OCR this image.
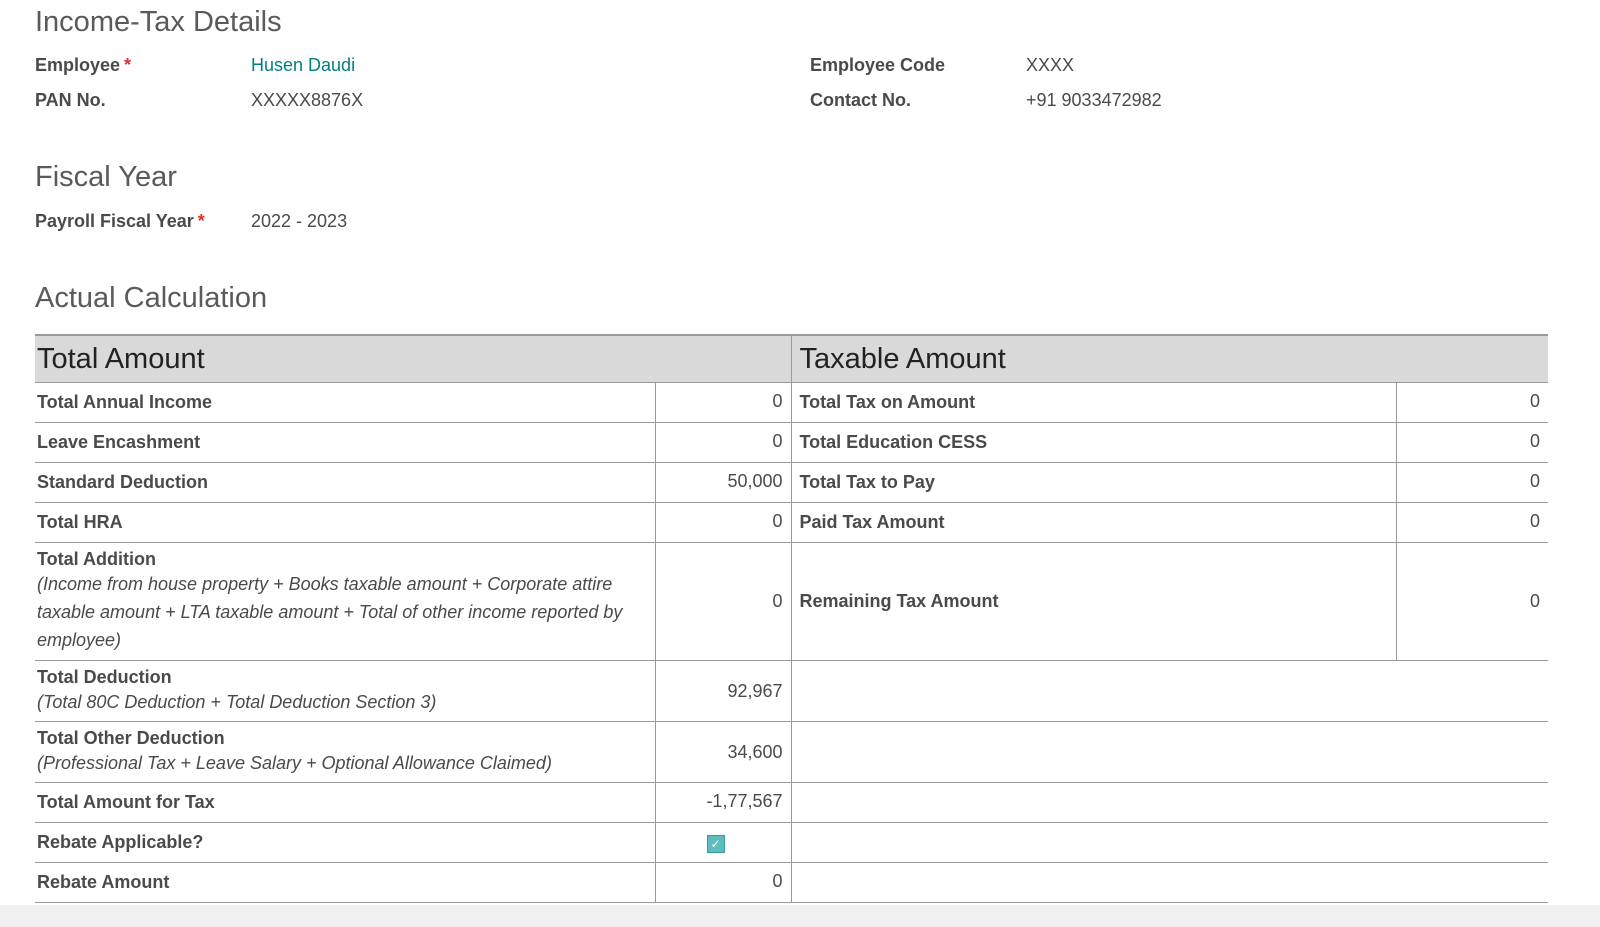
Income-Tax Details
Employee *	Husen Daudi
PAN No.	XXXXX8876X
Employee Code	XXXX
Contact No.	+91 9033472982
Fiscal Year
Payroll Fiscal Year *	2022 - 2023
Actual Calculation
Total Amount		Taxable Amount	
Total Annual Income	0	Total Tax on Amount	0
Leave Encashment	0	Total Education CESS	0
Standard Deduction	50,000	Total Tax to Pay	0
Total HRA	0	Paid Tax Amount	0
Total Addition
(Income from house property + Books taxable amount + Corporate attire taxable amount + LTA taxable amount + Total of other income reported by employee)	0	Remaining Tax Amount	0
Total Deduction
(Total 80C Deduction + Total Deduction Section 3)	92,967		
Total Other Deduction
(Professional Tax + Leave Salary + Optional Allowance Claimed)	34,600		
Total Amount for Tax	-1,77,567		
Rebate Applicable?	✓		
Rebate Amount	0		
